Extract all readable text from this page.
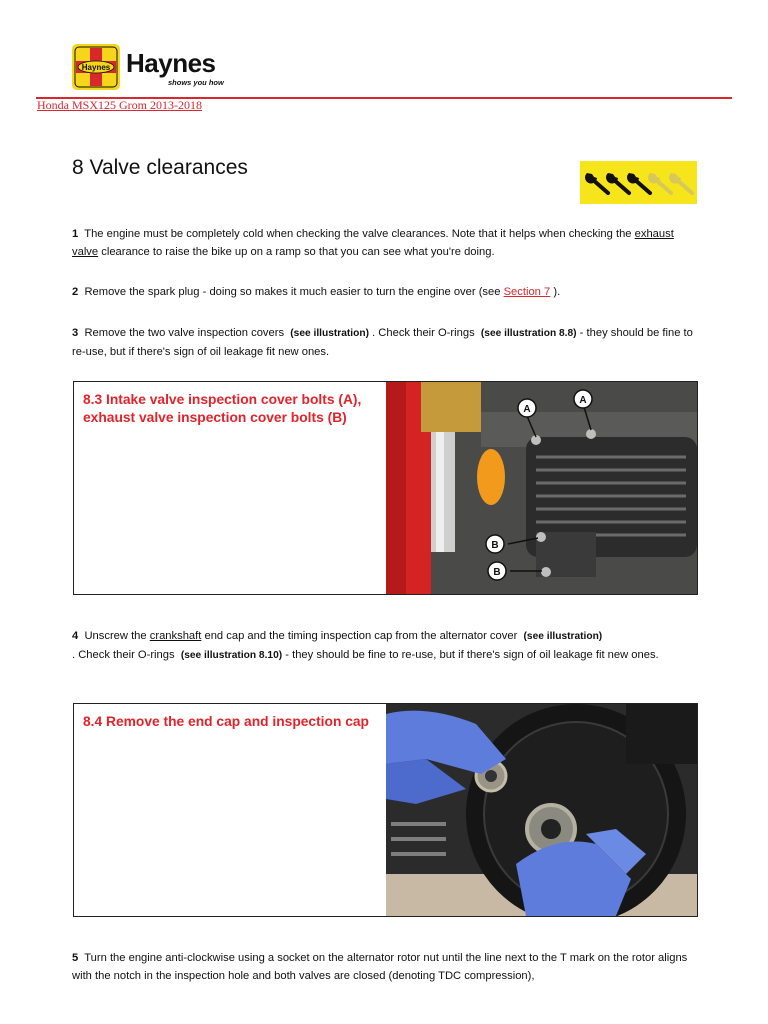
Haynes Haynes
shows you how
Honda MSX125 Grom 2013-2018
8 Valve clearances

1 The engine must be completely cold when checking the valve clearances. Note that it helps when checking the exhaust valve clearance to raise the bike up on a ramp so that you can see what you're doing.

2 Remove the spark plug - doing so makes it much easier to turn the engine over (see Section 7 ).

3 Remove the two valve inspection covers  (see illustration) . Check their O-rings  (see illustration 8.8) - they should be fine to re-use, but if there's sign of oil leakage fit new ones.

8.3 Intake valve inspection cover bolts (A), exhaust valve inspection cover bolts (B)	A
A
B
B

4 Unscrew the crankshaft end cap and the timing inspection cap from the alternator cover  (see illustration)
. Check their O-rings  (see illustration 8.10) - they should be fine to re-use, but if there's sign of oil leakage fit new ones.

8.4 Remove the end cap and inspection cap

5 Turn the engine anti-clockwise using a socket on the alternator rotor nut until the line next to the T mark on the rotor aligns with the notch in the inspection hole and both valves are closed (denoting TDC compression),
